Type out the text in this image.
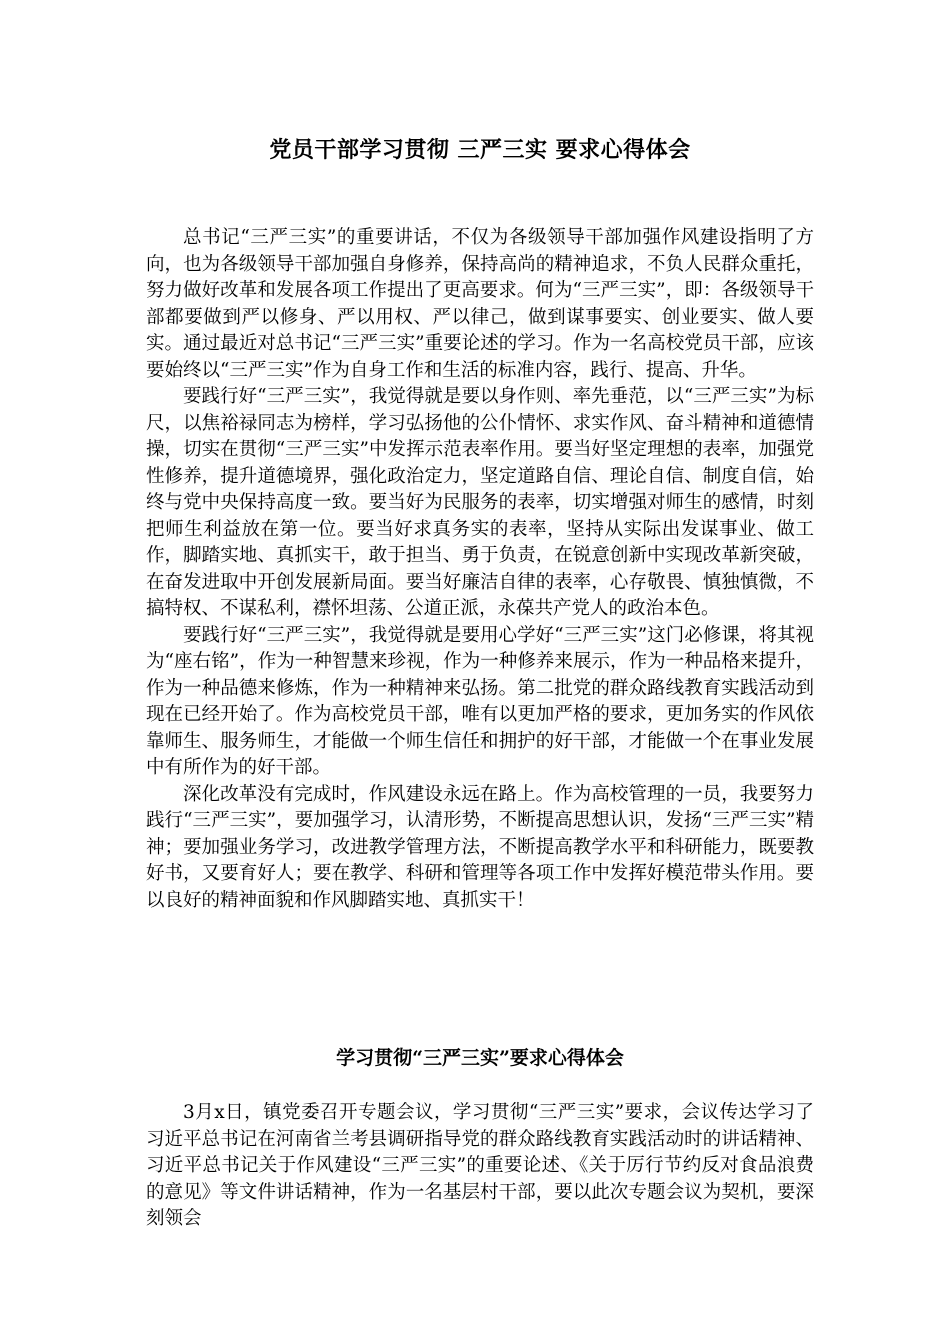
党员干部学习贯彻 三严三实 要求心得体会

总书记“三严三实”的重要讲话，不仅为各级领导干部加强作风建设指明了方向，也为各级领导干部加强自身修养，保持高尚的精神追求，不负人民群众重托，努力做好改革和发展各项工作提出了更高要求。何为“三严三实”，即：各级领导干部都要做到严以修身、严以用权、严以律己，做到谋事要实、创业要实、做人要实。通过最近对总书记“三严三实”重要论述的学习。作为一名高校党员干部，应该要始终以“三严三实”作为自身工作和生活的标准内容，践行、提高、升华。

要践行好“三严三实”，我觉得就是要以身作则、率先垂范，以“三严三实”为标尺，以焦裕禄同志为榜样，学习弘扬他的公仆情怀、求实作风、奋斗精神和道德情操，切实在贯彻“三严三实”中发挥示范表率作用。要当好坚定理想的表率，加强党性修养，提升道德境界，强化政治定力，坚定道路自信、理论自信、制度自信，始终与党中央保持高度一致。要当好为民服务的表率，切实增强对师生的感情，时刻把师生利益放在第一位。要当好求真务实的表率，坚持从实际出发谋事业、做工作，脚踏实地、真抓实干，敢于担当、勇于负责，在锐意创新中实现改革新突破，在奋发进取中开创发展新局面。要当好廉洁自律的表率，心存敬畏、慎独慎微，不搞特权、不谋私利，襟怀坦荡、公道正派，永葆共产党人的政治本色。

要践行好“三严三实”，我觉得就是要用心学好“三严三实”这门必修课，将其视为“座右铭”，作为一种智慧来珍视，作为一种修养来展示，作为一种品格来提升，作为一种品德来修炼，作为一种精神来弘扬。第二批党的群众路线教育实践活动到现在已经开始了。作为高校党员干部，唯有以更加严格的要求，更加务实的作风依靠师生、服务师生，才能做一个师生信任和拥护的好干部，才能做一个在事业发展中有所作为的好干部。

深化改革没有完成时，作风建设永远在路上。作为高校管理的一员，我要努力践行“三严三实”，要加强学习，认清形势，不断提高思想认识，发扬“三严三实”精神；要加强业务学习，改进教学管理方法，不断提高教学水平和科研能力，既要教好书，又要育好人；要在教学、科研和管理等各项工作中发挥好模范带头作用。要以良好的精神面貌和作风脚踏实地、真抓实干！

学习贯彻“三严三实”要求心得体会

3月x日，镇党委召开专题会议，学习贯彻“三严三实”要求，会议传达学习了习近平总书记在河南省兰考县调研指导党的群众路线教育实践活动时的讲话精神、习近平总书记关于作风建设“三严三实”的重要论述、《关于厉行节约反对食品浪费的意见》等文件讲话精神，作为一名基层村干部，要以此次专题会议为契机，要深刻领会
